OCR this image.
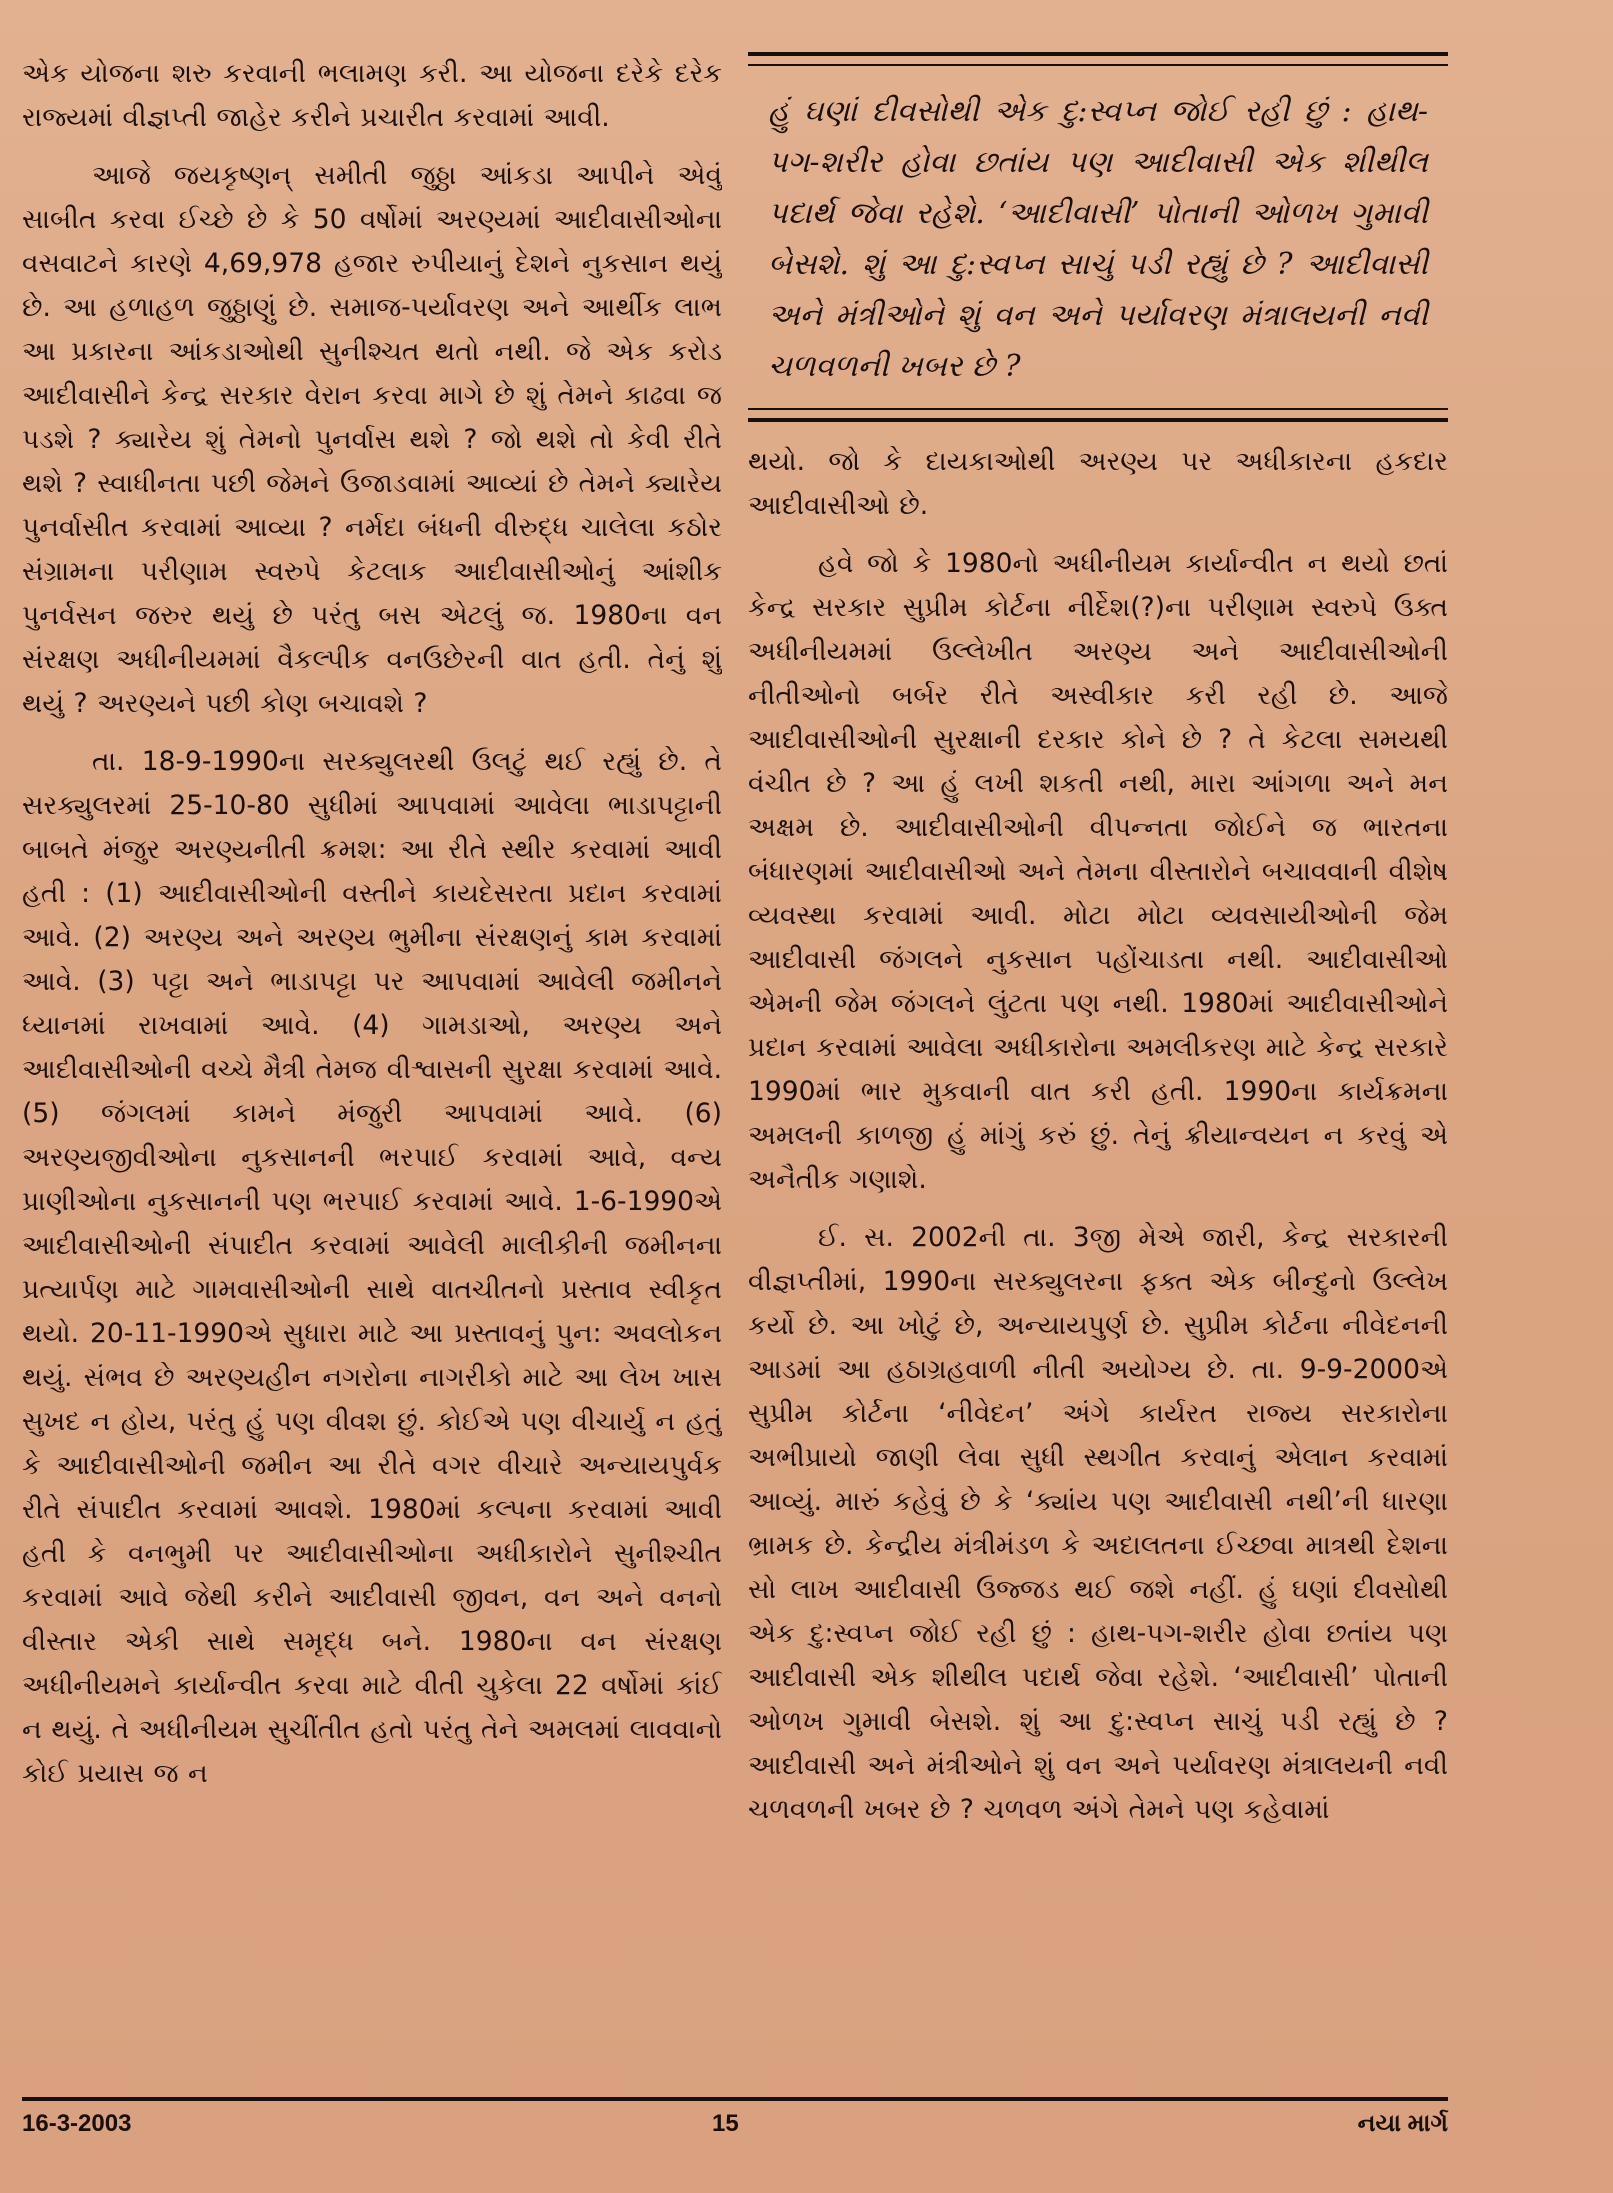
એક યોજના શરુ કરવાની ભલામણ કરી. આ યોજના દરેકે દરેક રાજ્યમાં વીજ્ઞપ્તી જાહેર કરીને પ્રચારીત કરવામાં આવી.

આજે જયકૃષ્ણન્ સમીતી જુઠ્ઠા આંકડા આપીને એવું સાબીત કરવા ઈચ્છે છે કે 50 વર્ષોમાં અરણ્યમાં આદીવાસીઓના વસવાટને કારણે 4,69,978 હજાર રુપીયાનું દેશને નુકસાન થયું છે. આ હળાહળ જુઠ્ઠાણું છે. સમાજ-પર્યાવરણ અને આર્થીક લાભ આ પ્રકારના આંકડાઓથી સુનીશ્ચત થતો નથી. જે એક કરોડ આદીવાસીને કેન્દ્ર સરકાર વેરાન કરવા માગે છે શું તેમને કાઢવા જ પડશે ? ક્યારેય શું તેમનો પુનર્વાસ થશે ? જો થશે તો કેવી રીતે થશે ? સ્વાધીનતા પછી જેમને ઉજાડવામાં આવ્યાં છે તેમને ક્યારેય પુનર્વાસીત કરવામાં આવ્યા ? નર્મદા બંધની વીરુદ્ધ ચાલેલા કઠોર સંગ્રામના પરીણામ સ્વરુપે કેટલાક આદીવાસીઓનું આંશીક પુનર્વસન જરુર થયું છે પરંતુ બસ એટલું જ. 1980ના વન સંરક્ષણ અધીનીયમમાં વૈકલ્પીક વનઉછેરની વાત હતી. તેનું શું થયું ? અરણ્યને પછી કોણ બચાવશે ?

તા. 18-9-1990ના સરક્યુલરથી ઉલટું થઈ રહ્યું છે. તે સરક્યુલરમાં 25-10-80 સુધીમાં આપવામાં આવેલા ભાડાપટ્ટાની બાબતે મંજુર અરણ્યનીતી ક્રમશ: આ રીતે સ્થીર કરવામાં આવી હતી : (1) આદીવાસીઓની વસ્તીને કાયદેસરતા પ્રદાન કરવામાં આવે. (2) અરણ્ય અને અરણ્ય ભુમીના સંરક્ષણનું કામ કરવામાં આવે. (3) પટ્ટા અને ભાડાપટ્ટા પર આપવામાં આવેલી જમીનને ધ્યાનમાં રાખવામાં આવે. (4) ગામડાઓ, અરણ્ય અને આદીવાસીઓની વચ્ચે મૈત્રી તેમજ વીશ્વાસની સુરક્ષા કરવામાં આવે. (5) જંગલમાં કામને મંજુરી આપવામાં આવે. (6) અરણ્યજીવીઓના નુકસાનની ભરપાઈ કરવામાં આવે, વન્ય પ્રાણીઓના નુકસાનની પણ ભરપાઈ કરવામાં આવે. 1-6-1990એ આદીવાસીઓની સંપાદીત કરવામાં આવેલી માલીકીની જમીનના પ્રત્યાર્પણ માટે ગામવાસીઓની સાથે વાતચીતનો પ્રસ્તાવ સ્વીકૃત થયો. 20-11-1990એ સુધારા માટે આ પ્રસ્તાવનું પુન: અવલોકન થયું. સંભવ છે અરણ્યહીન નગરોના નાગરીકો માટે આ લેખ ખાસ સુખદ ન હોય, પરંતુ હું પણ વીવશ છું. કોઈએ પણ વીચાર્યુ ન હતું કે આદીવાસીઓની જમીન આ રીતે વગર વીચારે અન્યાયપુર્વક રીતે સંપાદીત કરવામાં આવશે. 1980માં કલ્પના કરવામાં આવી હતી કે વનભુમી પર આદીવાસીઓના અધીકારોને સુનીશ્ચીત કરવામાં આવે જેથી કરીને આદીવાસી જીવન, વન અને વનનો વીસ્તાર એકી સાથે સમૃદ્ધ બને. 1980ના વન સંરક્ષણ અધીનીયમને કાર્યાન્વીત કરવા માટે વીતી ચુકેલા 22 વર્ષોમાં કાંઈ ન થયું. તે અધીનીયમ સુચીંતીત હતો પરંતુ તેને અમલમાં લાવવાનો કોઈ પ્રયાસ જ ન

હું ઘણાં દીવસોથી એક દુ:સ્વપ્ન જોઈ રહી છું : હાથ-પગ-શરીર હોવા છતાંય પણ આદીવાસી એક શીથીલ પદાર્થ જેવા રહેશે. ‘આદીવાસી’ પોતાની ઓળખ ગુમાવી બેસશે. શું આ દુ:સ્વપ્ન સાચું પડી રહ્યું છે ? આદીવાસી અને મંત્રીઓને શું વન અને પર્યાવરણ મંત્રાલયની નવી ચળવળની ખબર છે ?

થયો. જો કે દાયકાઓથી અરણ્ય પર અધીકારના હકદાર આદીવાસીઓ છે.

હવે જો કે 1980નો અધીનીયમ કાર્યાન્વીત ન થયો છતાં કેન્દ્ર સરકાર સુપ્રીમ કોર્ટના નીર્દેશ(?)ના પરીણામ સ્વરુપે ઉક્ત અધીનીયમમાં ઉલ્લેખીત અરણ્ય અને આદીવાસીઓની નીતીઓનો બર્બર રીતે અસ્વીકાર કરી રહી છે. આજે આદીવાસીઓની સુરક્ષાની દરકાર કોને છે ? તે કેટલા સમયથી વંચીત છે ? આ હું લખી શકતી નથી, મારા આંગળા અને મન અક્ષમ છે. આદીવાસીઓની વીપન્નતા જોઈને જ ભારતના બંધારણમાં આદીવાસીઓ અને તેમના વીસ્તારોને બચાવવાની વીશેષ વ્યવસ્થા કરવામાં આવી. મોટા મોટા વ્યવસાયીઓની જેમ આદીવાસી જંગલને નુકસાન પહોંચાડતા નથી. આદીવાસીઓ એમની જેમ જંગલને લુંટતા પણ નથી. 1980માં આદીવાસીઓને પ્રદાન કરવામાં આવેલા અધીકારોના અમલીકરણ માટે કેન્દ્ર સરકારે 1990માં ભાર મુકવાની વાત કરી હતી. 1990ના કાર્યક્રમના અમલની કાળજી હું માંગું કરું છું. તેનું ક્રીયાન્વયન ન કરવું એ અનૈતીક ગણાશે.

ઈ. સ. 2002ની તા. 3જી મેએ જારી, કેન્દ્ર સરકારની વીજ્ઞપ્તીમાં, 1990ના સરક્યુલરના ફક્ત એક બીન્દુનો ઉલ્લેખ કર્યો છે. આ ખોટું છે, અન્યાયપુર્ણ છે. સુપ્રીમ કોર્ટના નીવેદનની આડમાં આ હઠાગ્રહવાળી નીતી અયોગ્ય છે. તા. 9-9-2000એ સુપ્રીમ કોર્ટના ‘નીવેદન’ અંગે કાર્યરત રાજ્ય સરકારોના અભીપ્રાયો જાણી લેવા સુધી સ્થગીત કરવાનું એલાન કરવામાં આવ્યું. મારું કહેવું છે કે ‘ક્યાંય પણ આદીવાસી નથી’ની ધારણા ભ્રામક છે. કેન્દ્રીય મંત્રીમંડળ કે અદાલતના ઈચ્છવા માત્રથી દેશના સો લાખ આદીવાસી ઉજ્જડ થઈ જશે નહીં. હું ઘણાં દીવસોથી એક દુ:સ્વપ્ન જોઈ રહી છું : હાથ-પગ-શરીર હોવા છતાંય પણ આદીવાસી એક શીથીલ પદાર્થ જેવા રહેશે. ‘આદીવાસી’ પોતાની ઓળખ ગુમાવી બેસશે. શું આ દુ:સ્વપ્ન સાચું પડી રહ્યું છે ? આદીવાસી અને મંત્રીઓને શું વન અને પર્યાવરણ મંત્રાલયની નવી ચળવળની ખબર છે ? ચળવળ અંગે તેમને પણ કહેવામાં

16-3-2003	15	નયા માર્ગ
